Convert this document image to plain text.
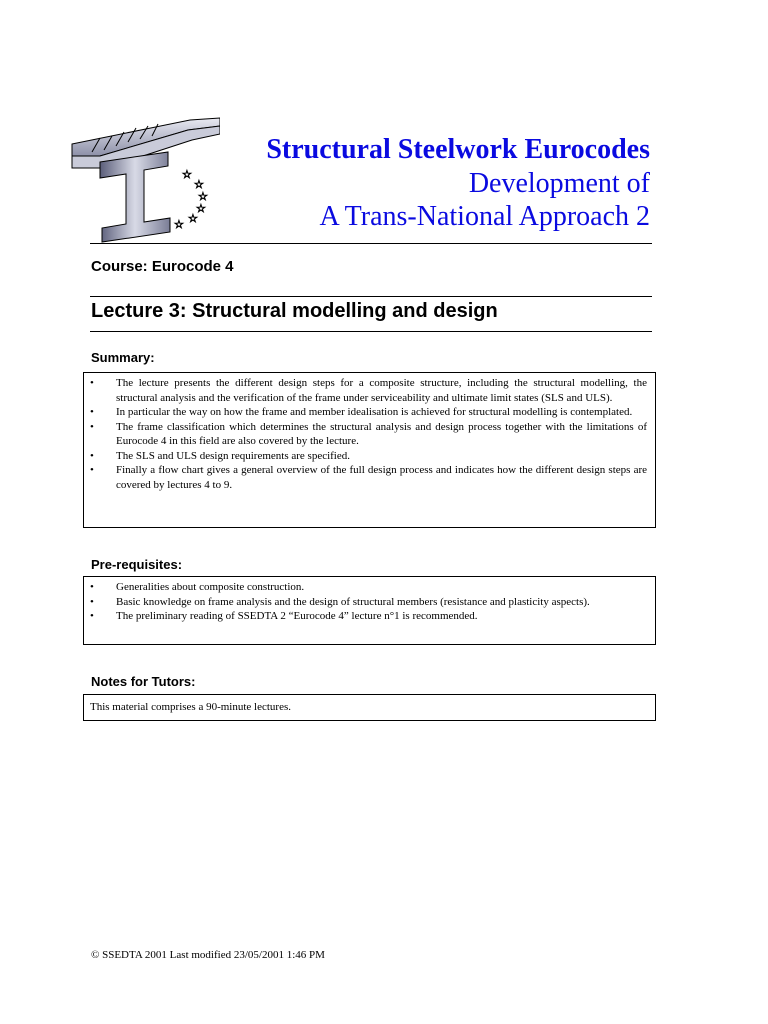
☆
☆
☆
☆
☆
☆
Structural Steelwork Eurocodes
Development of
A Trans-National Approach 2
Course: Eurocode 4
Lecture 3: Structural modelling and design
Summary:
• The lecture presents the different design steps for a composite structure, including the structural modelling, the structural analysis and the verification of the frame under serviceability and ultimate limit states (SLS and ULS).
• In particular the way on how the frame and member idealisation is achieved for structural modelling is contemplated.
• The frame classification which determines the structural analysis and design process together with the limitations of Eurocode 4 in this field are also covered by the lecture.
• The SLS and ULS design requirements are specified.
• Finally a flow chart gives a general overview of the full design process and indicates how the different design steps are covered by lectures 4 to 9.
Pre-requisites:
• Generalities about composite construction.
• Basic knowledge on frame analysis and the design of structural members (resistance and plasticity aspects).
• The preliminary reading of SSEDTA 2 “Eurocode 4” lecture n°1 is recommended.
Notes for Tutors:
This material comprises a 90-minute lectures.
© SSEDTA 2001 Last modified 23/05/2001 1:46 PM
